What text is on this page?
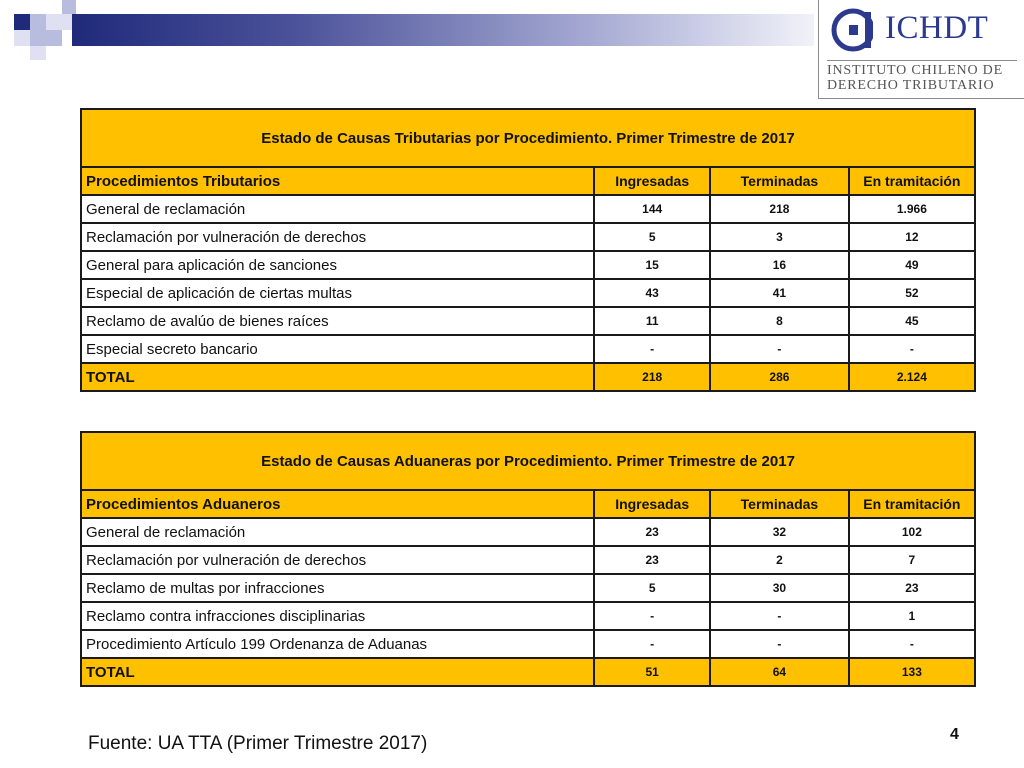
ICHDT
INSTITUTO CHILENO DE
DERECHO TRIBUTARIO
Estado de Causas Tributarias por Procedimiento. Primer Trimestre de 2017			
Procedimientos Tributarios	Ingresadas	Terminadas	En tramitación
General de reclamación	144	218	1.966
Reclamación por vulneración de derechos	5	3	12
General para aplicación de sanciones	15	16	49
Especial de aplicación de ciertas multas	43	41	52
Reclamo de avalúo de bienes raíces	11	8	45
Especial secreto bancario	-	-	-
TOTAL	218	286	2.124
Estado de Causas Aduaneras por Procedimiento. Primer Trimestre de 2017			
Procedimientos Aduaneros	Ingresadas	Terminadas	En tramitación
General de reclamación	23	32	102
Reclamación por vulneración de derechos	23	2	7
Reclamo de multas por infracciones	5	30	23
Reclamo contra infracciones disciplinarias	-	-	1
Procedimiento Artículo 199 Ordenanza de Aduanas	-	-	-
TOTAL	51	64	133
Fuente: UA TTA (Primer Trimestre 2017)	4
